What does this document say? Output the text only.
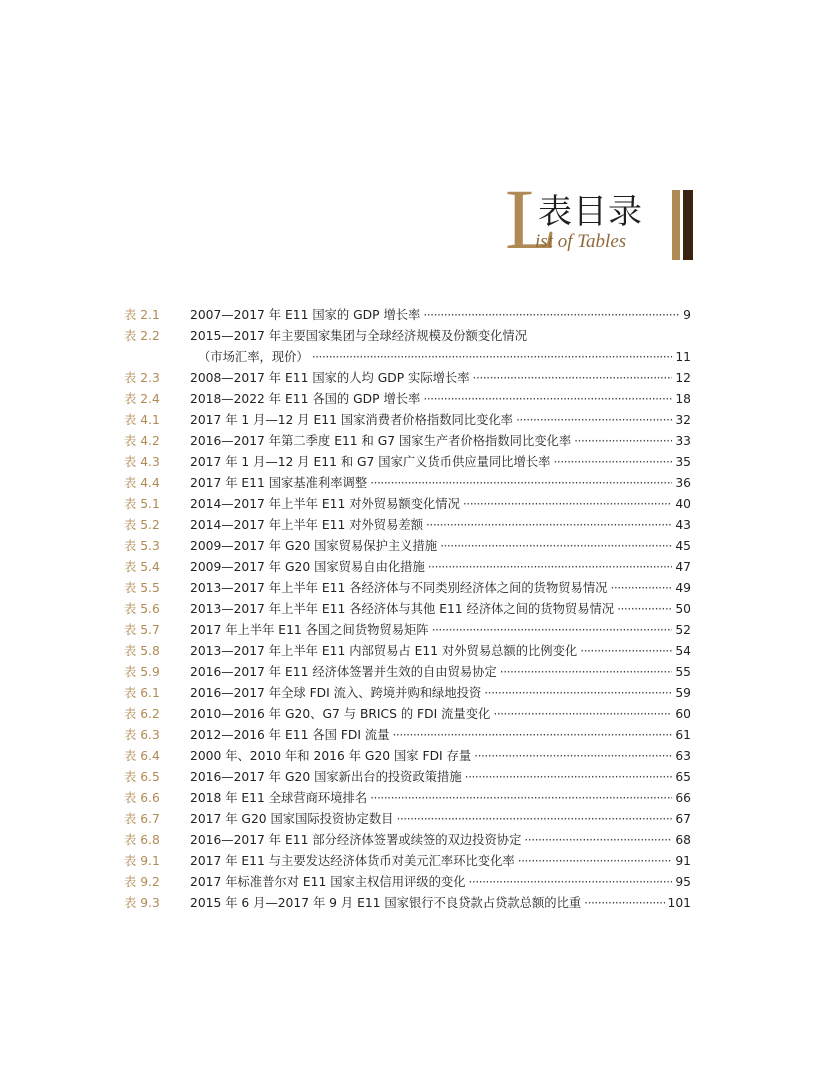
L
表目录
ist of Tables
表 2.1 2007—2017 年 E11 国家的 GDP 增长率 ·····	9
表 2.2 2015—2017 年主要国家集团与全球经济规模及份额变化情况
（市场汇率，现价） ·····	11
表 2.3 2008—2017 年 E11 国家的人均 GDP 实际增长率 ·····	12
表 2.4 2018—2022 年 E11 各国的 GDP 增长率 ·····	18
表 4.1 2017 年 1 月—12 月 E11 国家消费者价格指数同比变化率 ·····	32
表 4.2 2016—2017 年第二季度 E11 和 G7 国家生产者价格指数同比变化率 ·····	33
表 4.3 2017 年 1 月—12 月 E11 和 G7 国家广义货币供应量同比增长率 ·····	35
表 4.4 2017 年 E11 国家基准利率调整 ·····	36
表 5.1 2014—2017 年上半年 E11 对外贸易额变化情况 ·····	40
表 5.2 2014—2017 年上半年 E11 对外贸易差额 ·····	43
表 5.3 2009—2017 年 G20 国家贸易保护主义措施 ·····	45
表 5.4 2009—2017 年 G20 国家贸易自由化措施 ·····	47
表 5.5 2013—2017 年上半年 E11 各经济体与不同类别经济体之间的货物贸易情况 ·····	49
表 5.6 2013—2017 年上半年 E11 各经济体与其他 E11 经济体之间的货物贸易情况 ·····	50
表 5.7 2017 年上半年 E11 各国之间货物贸易矩阵 ·····	52
表 5.8 2013—2017 年上半年 E11 内部贸易占 E11 对外贸易总额的比例变化 ·····	54
表 5.9 2016—2017 年 E11 经济体签署并生效的自由贸易协定 ·····	55
表 6.1 2016—2017 年全球 FDI 流入、跨境并购和绿地投资 ·····	59
表 6.2 2010—2016 年 G20、G7 与 BRICS 的 FDI 流量变化 ·····	60
表 6.3 2012—2016 年 E11 各国 FDI 流量 ·····	61
表 6.4 2000 年、2010 年和 2016 年 G20 国家 FDI 存量 ·····	63
表 6.5 2016—2017 年 G20 国家新出台的投资政策措施 ·····	65
表 6.6 2018 年 E11 全球营商环境排名 ·····	66
表 6.7 2017 年 G20 国家国际投资协定数目 ·····	67
表 6.8 2016—2017 年 E11 部分经济体签署或续签的双边投资协定 ·····	68
表 9.1 2017 年 E11 与主要发达经济体货币对美元汇率环比变化率 ·····	91
表 9.2 2017 年标准普尔对 E11 国家主权信用评级的变化 ·····	95
表 9.3 2015 年 6 月—2017 年 9 月 E11 国家银行不良贷款占贷款总额的比重 ·····	101
